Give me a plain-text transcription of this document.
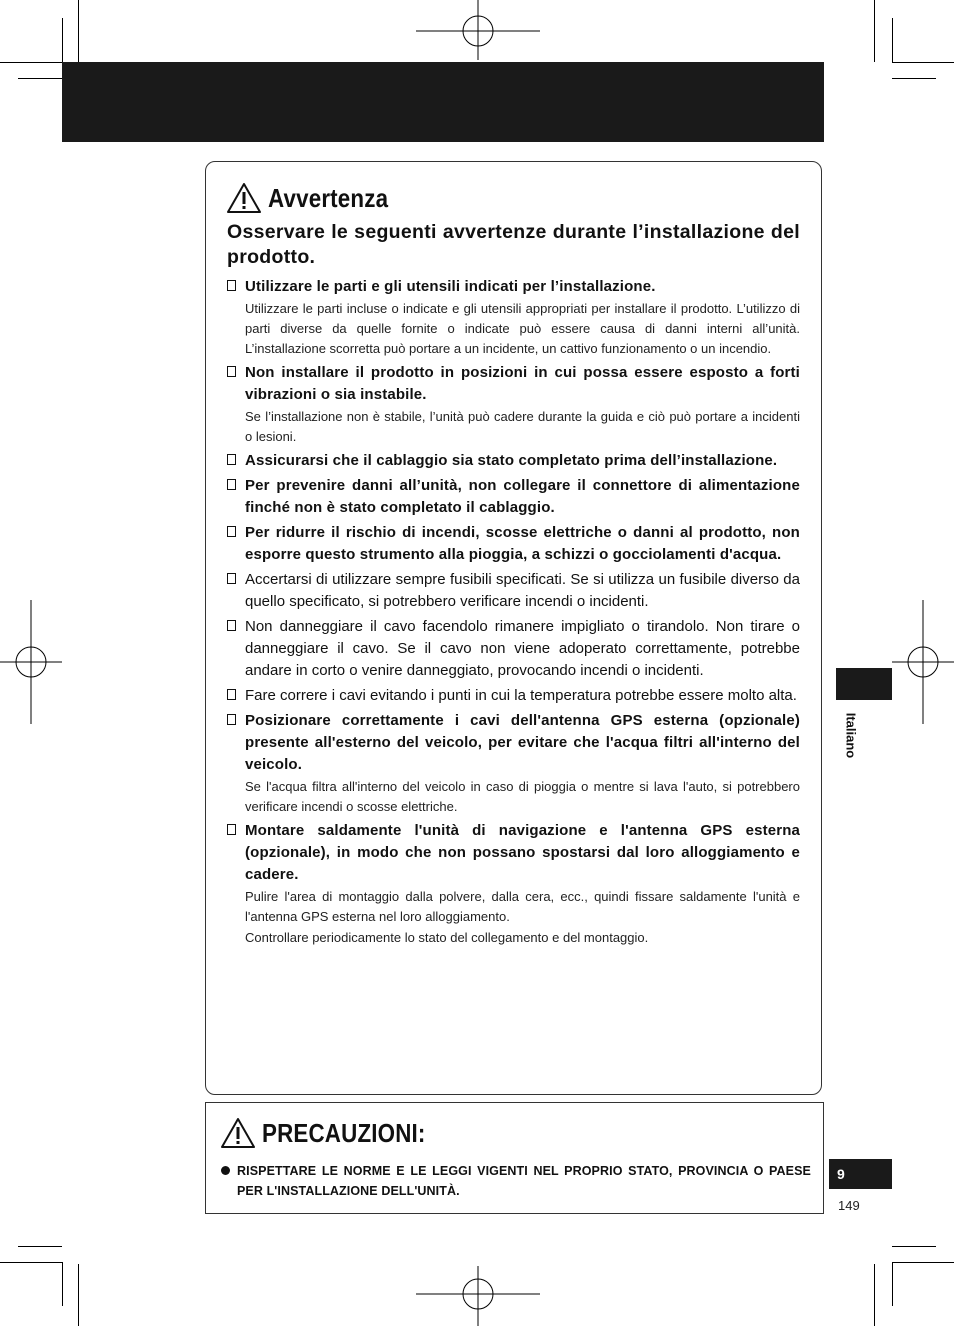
Avvertenza
Osservare le seguenti avvertenze durante l’installazione del prodotto.
Utilizzare le parti e gli utensili indicati per l’installazione.
Utilizzare le parti incluse o indicate e gli utensili appropriati per installare il prodotto. L’utilizzo di parti diverse da quelle fornite o indicate può essere causa di danni interni all’unità. L’installazione scorretta può portare a un incidente, un cattivo funzionamento o un incendio.
Non installare il prodotto in posizioni in cui possa essere esposto a forti vibrazioni o sia instabile.
Se l’installazione non è stabile, l’unità può cadere durante la guida e ciò può portare a incidenti o lesioni.
Assicurarsi che il cablaggio sia stato completato prima dell’installazione.
Per prevenire danni all’unità, non collegare il connettore di alimentazione finché non è stato completato il cablaggio.
Per ridurre il rischio di incendi, scosse elettriche o danni al prodotto, non esporre questo strumento alla pioggia, a schizzi o gocciolamenti d'acqua.
Accertarsi di utilizzare sempre fusibili specificati. Se si utilizza un fusibile diverso da quello specificato, si potrebbero verificare incendi o incidenti.
Non danneggiare il cavo facendolo rimanere impigliato o tirandolo. Non tirare o danneggiare il cavo. Se il cavo non viene adoperato correttamente, potrebbe andare in corto o venire danneggiato, provocando incendi o incidenti.
Fare correre i cavi evitando i punti in cui la temperatura potrebbe essere molto alta.
Posizionare correttamente i cavi dell'antenna GPS esterna (opzionale) presente all'esterno del veicolo, per evitare che l'acqua filtri all'interno del veicolo.
Se l'acqua filtra all'interno del veicolo in caso di pioggia o mentre si lava l'auto, si potrebbero verificare incendi o scosse elettriche.
Montare saldamente l'unità di navigazione e l'antenna GPS esterna (opzionale), in modo che non possano spostarsi dal loro alloggiamento e cadere.
Pulire l'area di montaggio dalla polvere, dalla cera, ecc., quindi fissare saldamente l'unità e l'antenna GPS esterna nel loro alloggiamento.
Controllare periodicamente lo stato del collegamento e del montaggio.
PRECAUZIONI:
RISPETTARE LE NORME E LE LEGGI VIGENTI NEL PROPRIO STATO, PROVINCIA O PAESE PER L'INSTALLAZIONE DELL'UNITÀ.
Italiano
9
149
